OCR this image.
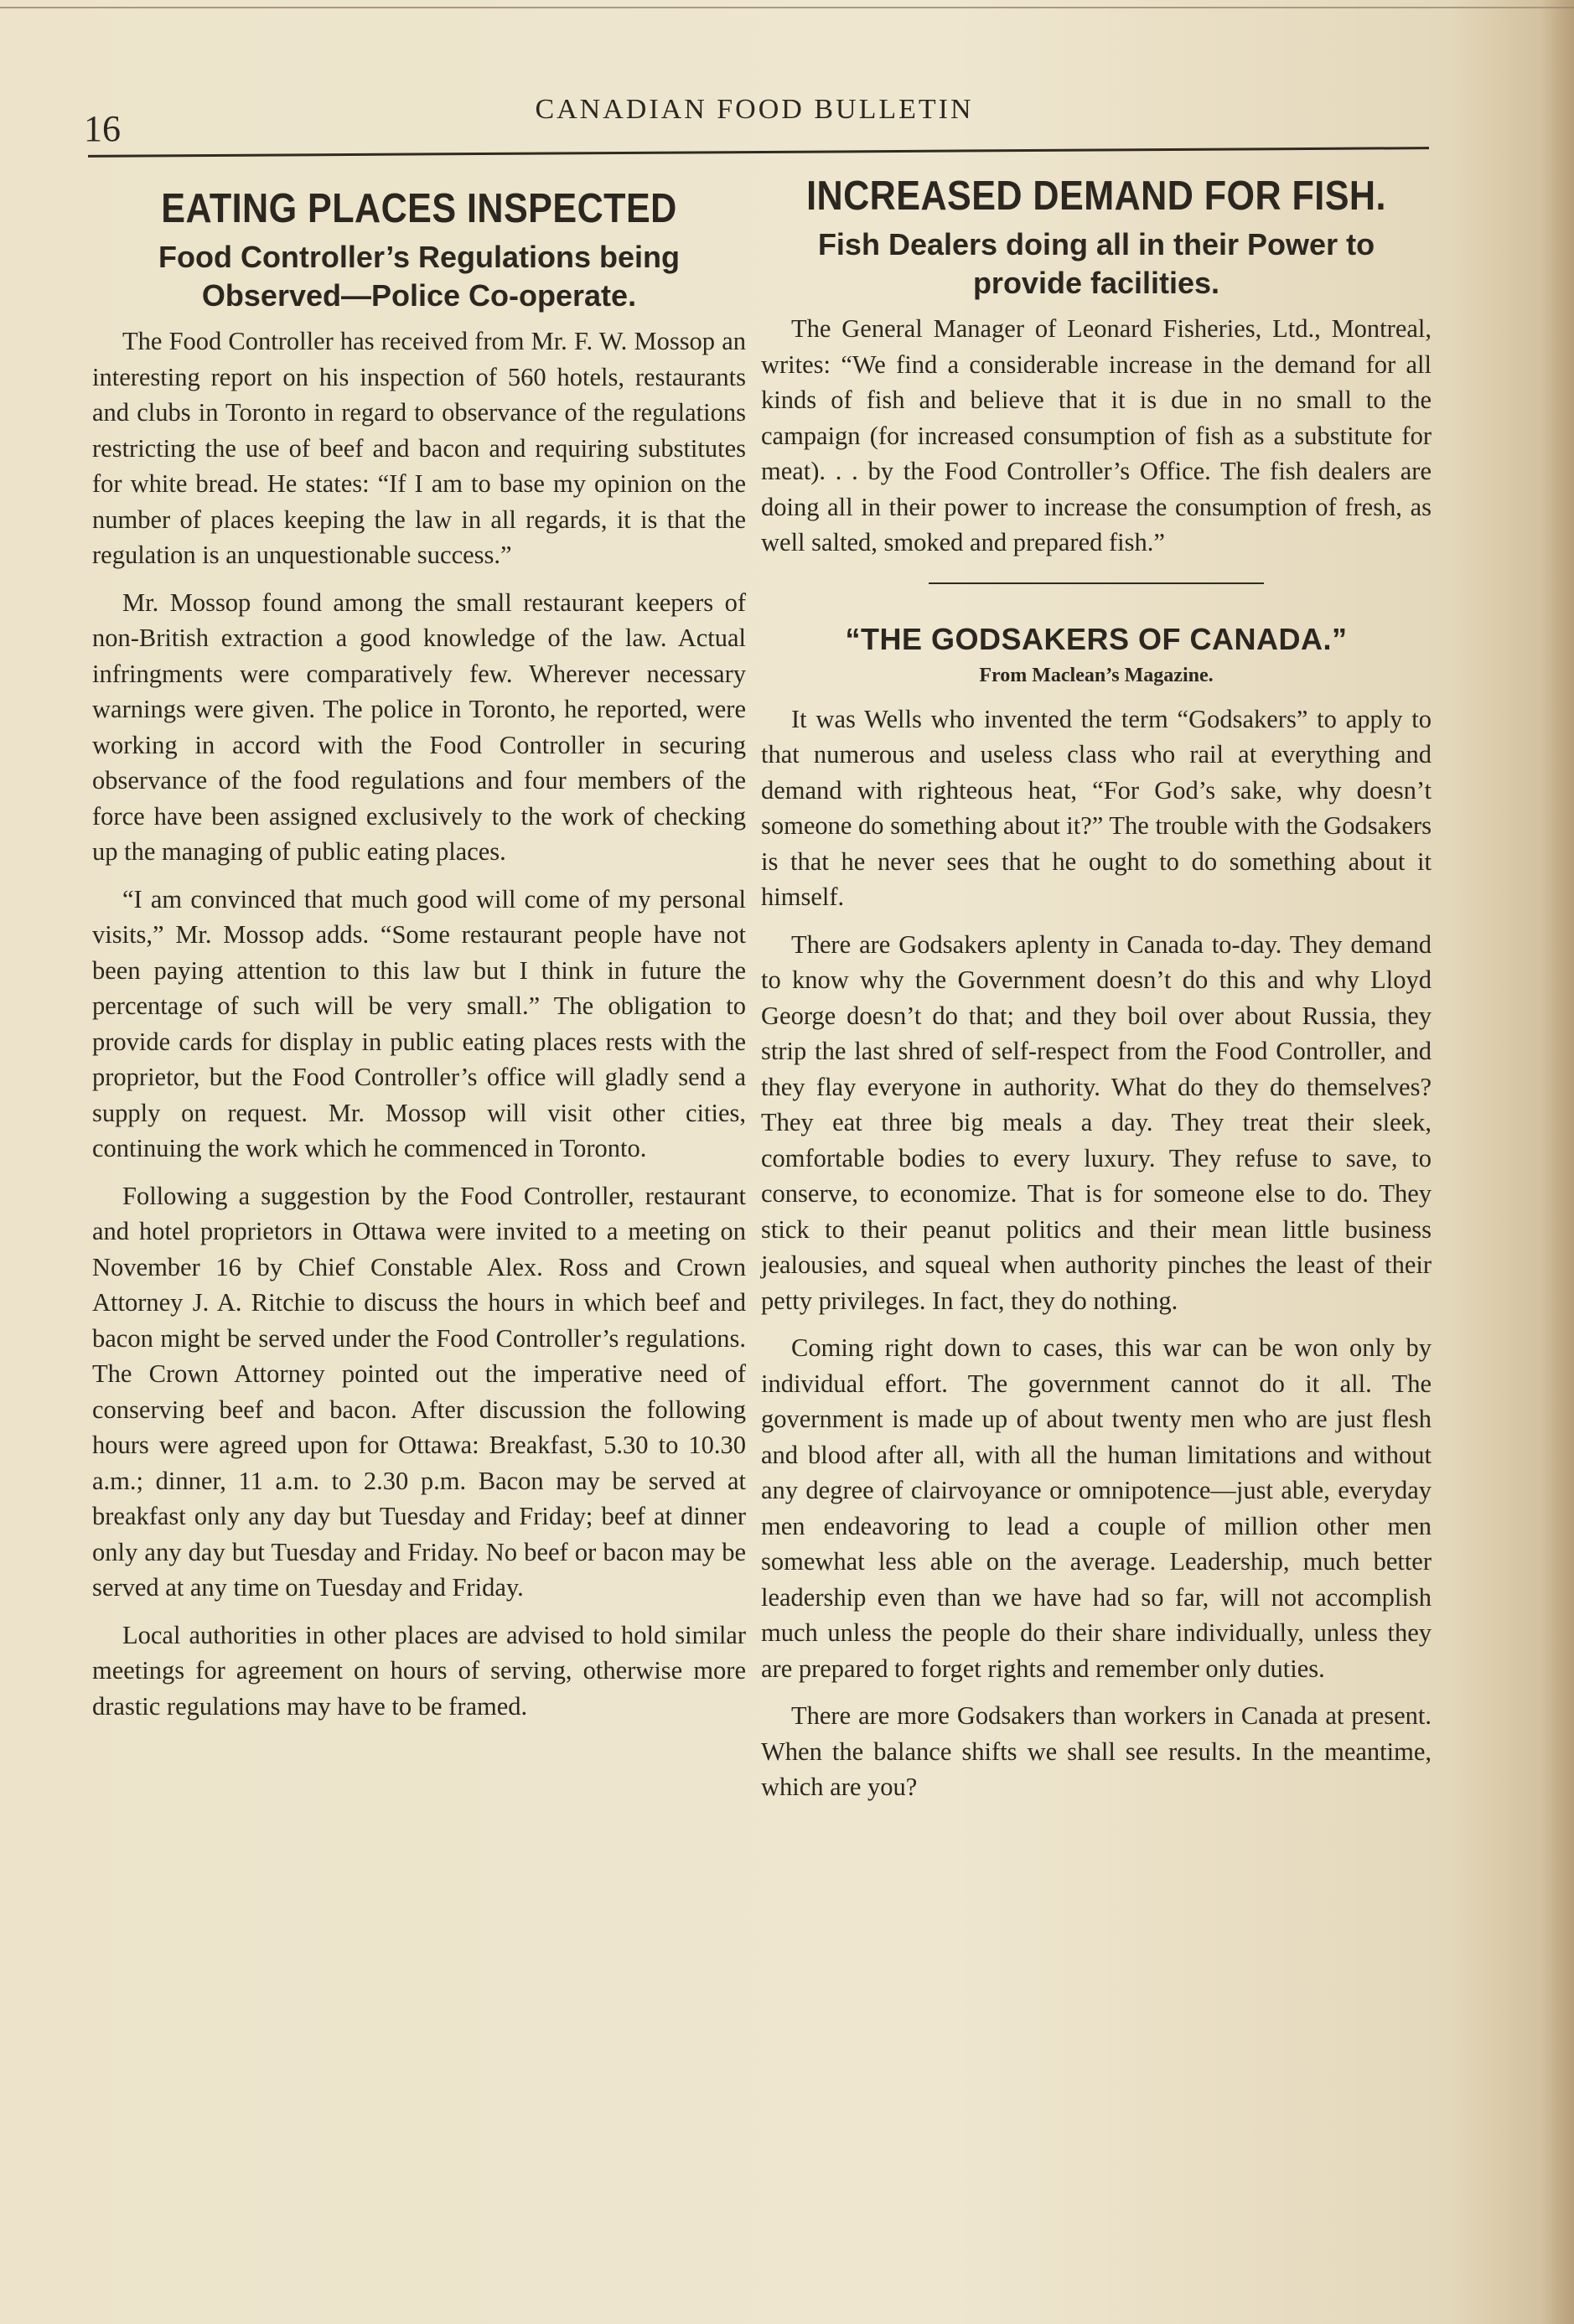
16	CANADIAN FOOD BULLETIN
EATING PLACES INSPECTED
Food Controller’s Regulations being Observed—Police Co-operate.

The Food Controller has received from Mr. F. W. Mossop an interesting report on his inspection of 560 hotels, restaurants and clubs in Toronto in regard to observance of the regulations restricting the use of beef and bacon and requiring substitutes for white bread. He states: “If I am to base my opinion on the number of places keeping the law in all regards, it is that the regulation is an unquestionable success.”

Mr. Mossop found among the small restaurant keepers of non-British extraction a good knowledge of the law. Actual infringments were comparatively few. Wherever necessary warnings were given. The police in Toronto, he reported, were working in accord with the Food Controller in securing observance of the food regulations and four members of the force have been assigned exclusively to the work of checking up the managing of public eating places.

“I am convinced that much good will come of my personal visits,” Mr. Mossop adds. “Some restaurant people have not been paying attention to this law but I think in future the percentage of such will be very small.” The obligation to provide cards for display in public eating places rests with the proprietor, but the Food Controller’s office will gladly send a supply on request. Mr. Mossop will visit other cities, continuing the work which he commenced in Toronto.

Following a suggestion by the Food Controller, restaurant and hotel proprietors in Ottawa were invited to a meeting on November 16 by Chief Constable Alex. Ross and Crown Attorney J. A. Ritchie to discuss the hours in which beef and bacon might be served under the Food Controller’s regulations. The Crown Attorney pointed out the imperative need of conserving beef and bacon. After discussion the following hours were agreed upon for Ottawa: Breakfast, 5.30 to 10.30 a.m.; dinner, 11 a.m. to 2.30 p.m. Bacon may be served at breakfast only any day but Tuesday and Friday; beef at dinner only any day but Tuesday and Friday. No beef or bacon may be served at any time on Tuesday and Friday.

Local authorities in other places are advised to hold similar meetings for agreement on hours of serving, otherwise more drastic regulations may have to be framed.

INCREASED DEMAND FOR FISH.
Fish Dealers doing all in their Power to provide facilities.

The General Manager of Leonard Fisheries, Ltd., Montreal, writes: “We find a considerable increase in the demand for all kinds of fish and believe that it is due in no small to the campaign (for increased consumption of fish as a substitute for meat). . . by the Food Controller’s Office. The fish dealers are doing all in their power to increase the consumption of fresh, as well salted, smoked and prepared fish.”

“THE GODSAKERS OF CANADA.”
From Maclean’s Magazine.

It was Wells who invented the term “Godsakers” to apply to that numerous and useless class who rail at everything and demand with righteous heat, “For God’s sake, why doesn’t someone do something about it?” The trouble with the Godsakers is that he never sees that he ought to do something about it himself.

There are Godsakers aplenty in Canada to-day. They demand to know why the Government doesn’t do this and why Lloyd George doesn’t do that; and they boil over about Russia, they strip the last shred of self-respect from the Food Controller, and they flay everyone in authority. What do they do themselves? They eat three big meals a day. They treat their sleek, comfortable bodies to every luxury. They refuse to save, to conserve, to economize. That is for someone else to do. They stick to their peanut politics and their mean little business jealousies, and squeal when authority pinches the least of their petty privileges. In fact, they do nothing.

Coming right down to cases, this war can be won only by individual effort. The government cannot do it all. The government is made up of about twenty men who are just flesh and blood after all, with all the human limitations and without any degree of clairvoyance or omnipotence—just able, everyday men endeavoring to lead a couple of million other men somewhat less able on the average. Leadership, much better leadership even than we have had so far, will not accomplish much unless the people do their share individually, unless they are prepared to forget rights and remember only duties.

There are more Godsakers than workers in Canada at present. When the balance shifts we shall see results. In the meantime, which are you?
